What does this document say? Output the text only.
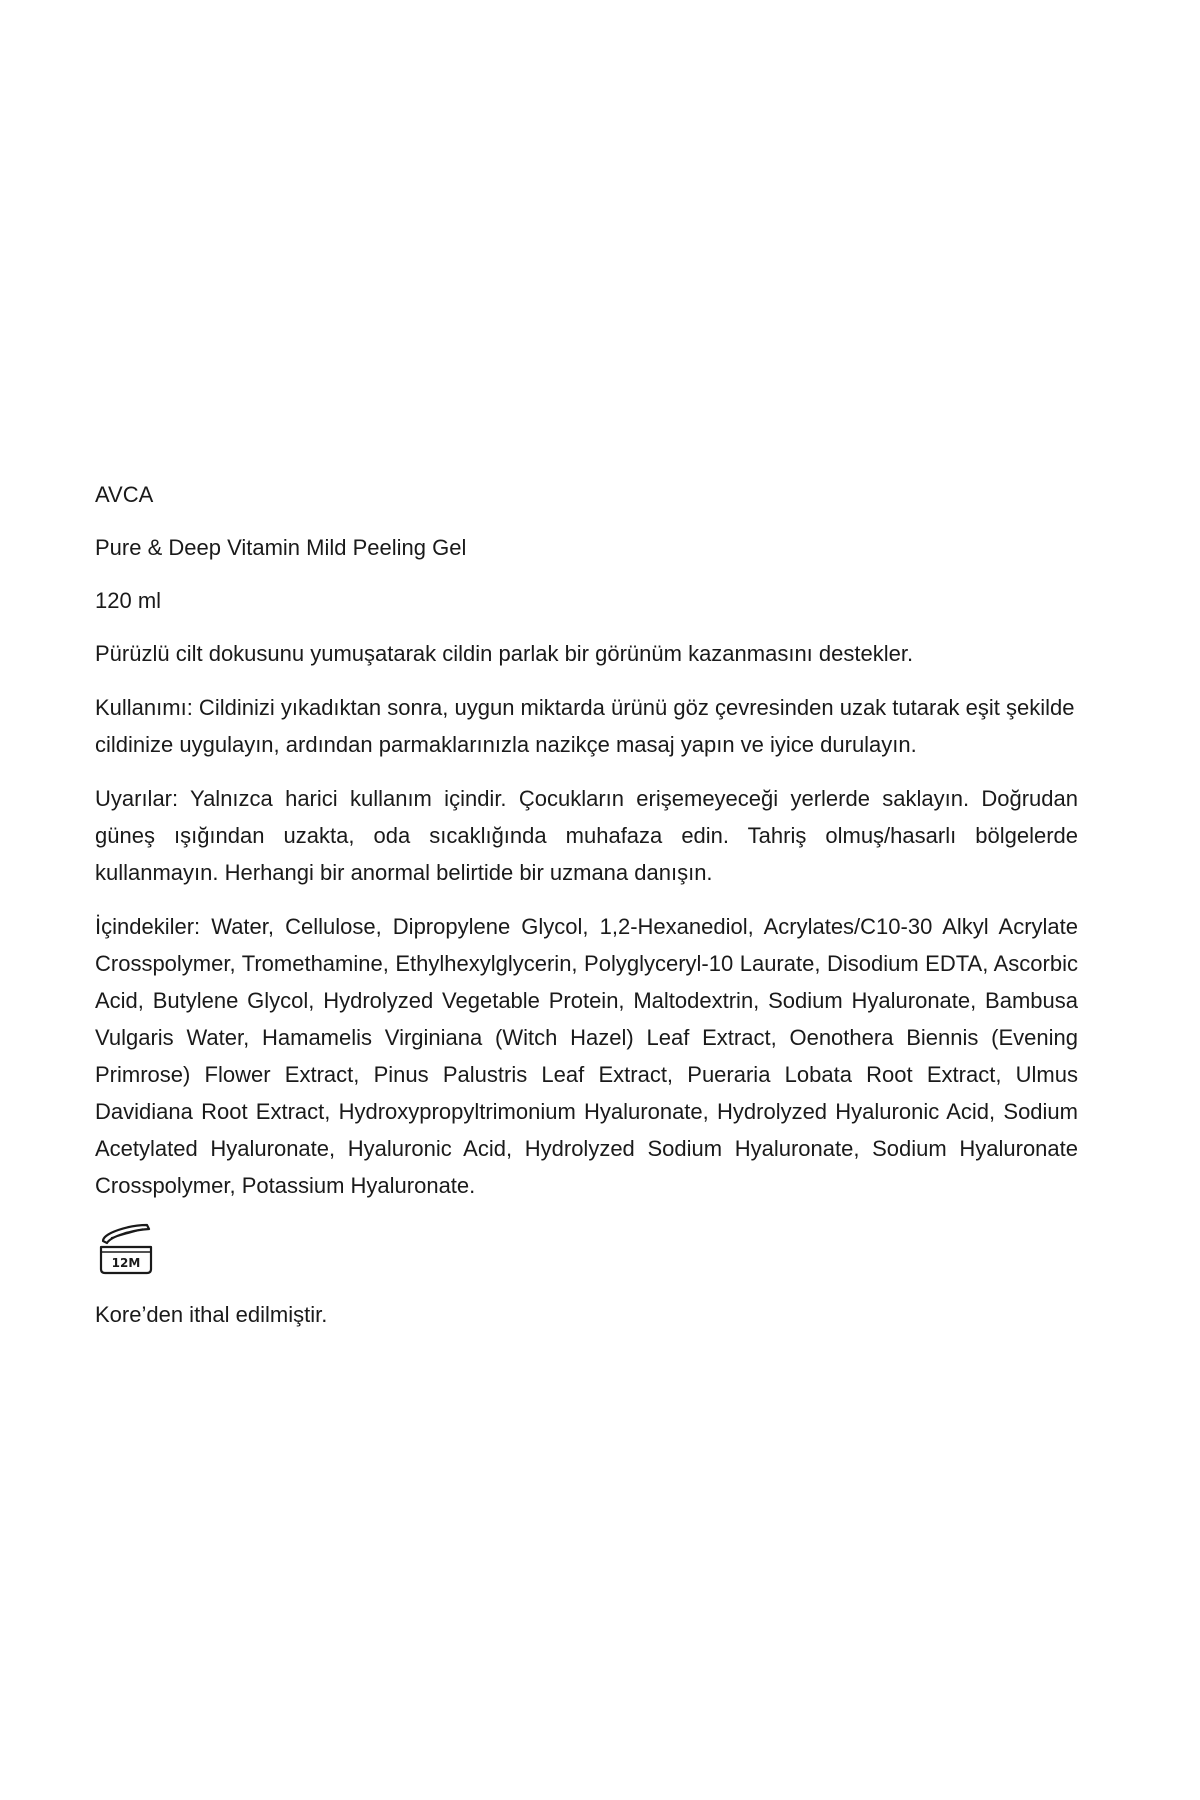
AVCA

Pure & Deep Vitamin Mild Peeling Gel

120 ml

Pürüzlü cilt dokusunu yumuşatarak cildin parlak bir görünüm kazanmasını destekler.

Kullanımı: Cildinizi yıkadıktan sonra, uygun miktarda ürünü göz çevresinden uzak tutarak eşit şekilde cildinize uygulayın, ardından parmaklarınızla nazikçe masaj yapın ve iyice durulayın.

Uyarılar: Yalnızca harici kullanım içindir. Çocukların erişemeyeceği yerlerde saklayın. Doğrudan güneş ışığından uzakta, oda sıcaklığında muhafaza edin. Tahriş olmuş/hasarlı bölgelerde kullanmayın. Herhangi bir anormal belirtide bir uzmana danışın.

İçindekiler: Water, Cellulose, Dipropylene Glycol, 1,2-Hexanediol, Acrylates/C10-30 Alkyl Acrylate Crosspolymer, Tromethamine, Ethylhexylglycerin, Polyglyceryl-10 Laurate, Disodium EDTA, Ascorbic Acid, Butylene Glycol, Hydrolyzed Vegetable Protein, Maltodextrin, Sodium Hyaluronate, Bambusa Vulgaris Water, Hamamelis Virginiana (Witch Hazel) Leaf Extract, Oenothera Biennis (Evening Primrose) Flower Extract, Pinus Palustris Leaf Extract, Pueraria Lobata Root Extract, Ulmus Davidiana Root Extract, Hydroxypropyltrimonium Hyaluronate, Hydrolyzed Hyaluronic Acid, Sodium Acetylated Hyaluronate, Hyaluronic Acid, Hydrolyzed Sodium Hyaluronate, Sodium Hyaluronate Crosspolymer, Potassium Hyaluronate.

12M

Kore’den ithal edilmiştir.
